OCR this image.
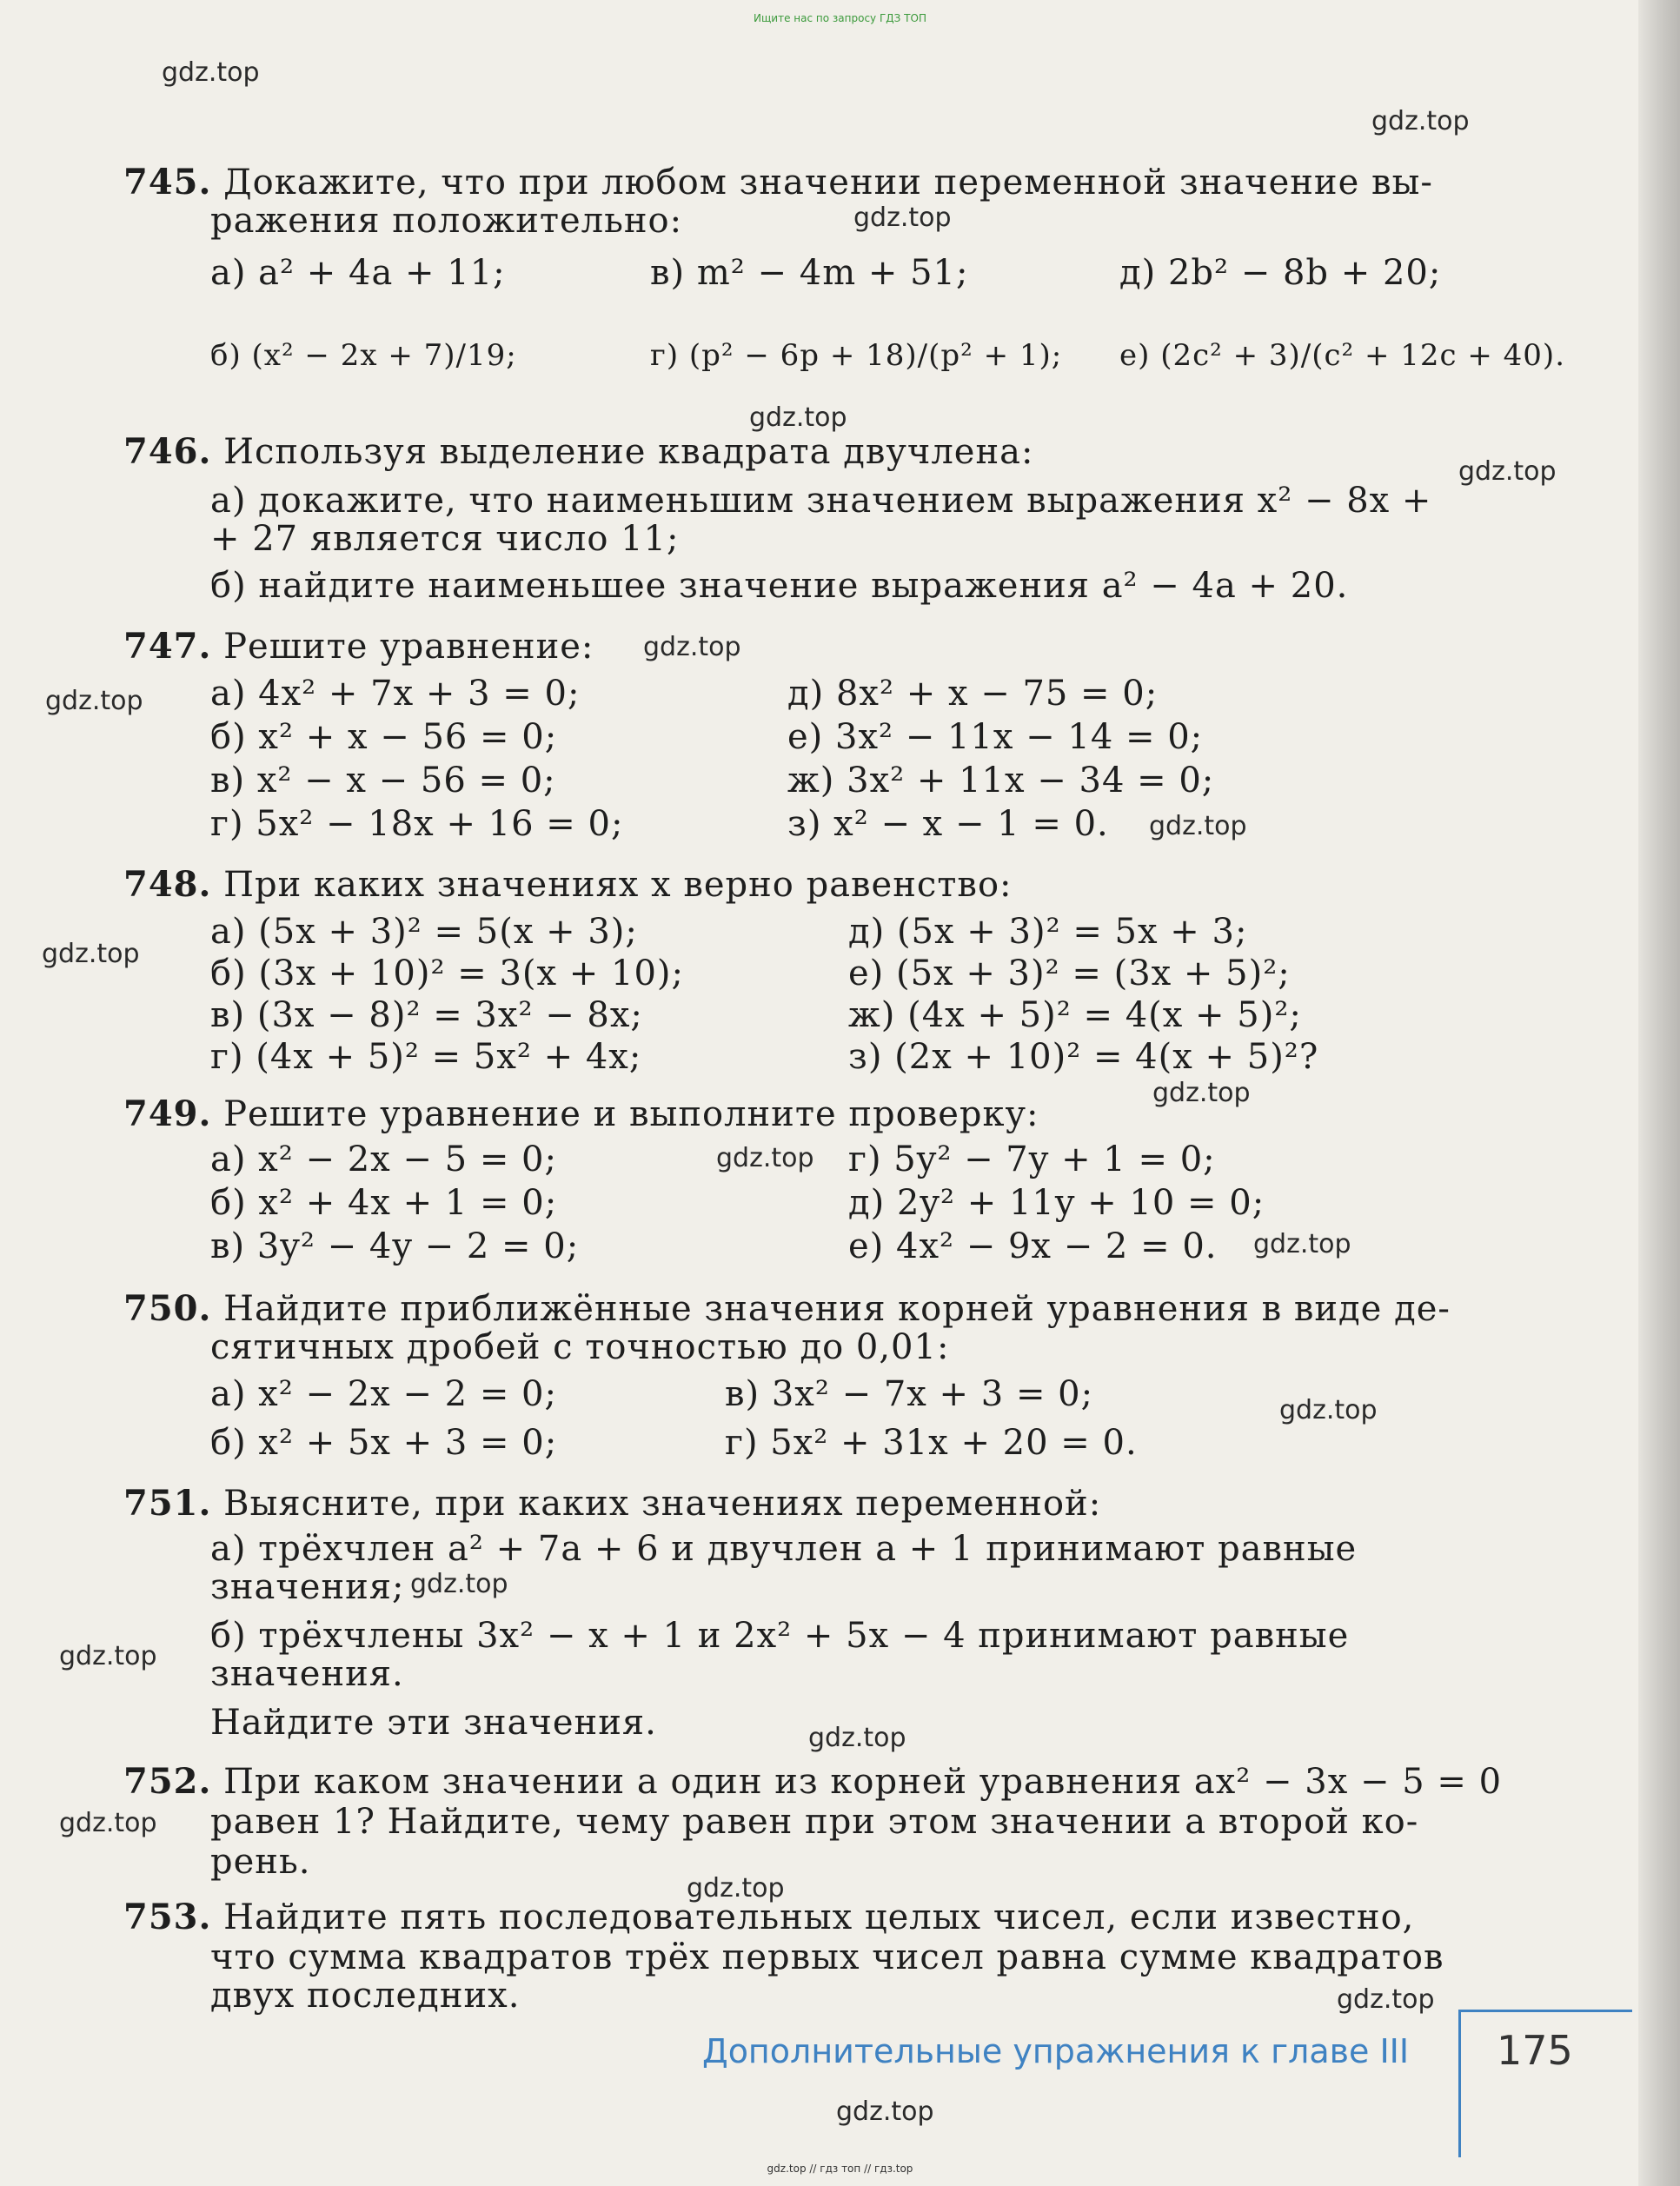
Ищите нас по запросу ГДЗ ТОП
gdz.top
gdz.top
gdz.top
gdz.top
gdz.top
gdz.top
gdz.top
gdz.top
gdz.top
gdz.top
gdz.top
gdz.top
gdz.top
gdz.top
gdz.top
gdz.top
gdz.top
gdz.top
gdz.top
gdz.top
745. Докажите, что при любом значении переменной значение вы-
ражения положительно:
а) a² + 4a + 11;	в) m² − 4m + 51;	д) 2b² − 8b + 20;
б) (x² − 2x + 7)/19;	г) (p² − 6p + 18)/(p² + 1); е) (2c² + 3)/(c² + 12c + 40).
746. Используя выделение квадрата двучлена:
а) докажите, что наименьшим значением выражения x² − 8x +
+ 27 является число 11;
б) найдите наименьшее значение выражения a² − 4a + 20.
747. Решите уравнение:
а) 4x² + 7x + 3 = 0;	д) 8x² + x − 75 = 0;
б) x² + x − 56 = 0;	е) 3x² − 11x − 14 = 0;
в) x² − x − 56 = 0;	ж) 3x² + 11x − 34 = 0;
г) 5x² − 18x + 16 = 0;	з) x² − x − 1 = 0.
748. При каких значениях x верно равенство:
а) (5x + 3)² = 5(x + 3);	д) (5x + 3)² = 5x + 3;
б) (3x + 10)² = 3(x + 10);	е) (5x + 3)² = (3x + 5)²;
в) (3x − 8)² = 3x² − 8x;	ж) (4x + 5)² = 4(x + 5)²;
г) (4x + 5)² = 5x² + 4x;	з) (2x + 10)² = 4(x + 5)²?
749. Решите уравнение и выполните проверку:
а) x² − 2x − 5 = 0;	г) 5y² − 7y + 1 = 0;
б) x² + 4x + 1 = 0;	д) 2y² + 11y + 10 = 0;
в) 3y² − 4y − 2 = 0;	е) 4x² − 9x − 2 = 0.
750. Найдите приближённые значения корней уравнения в виде де-
сятичных дробей с точностью до 0,01:
а) x² − 2x − 2 = 0;	в) 3x² − 7x + 3 = 0;
б) x² + 5x + 3 = 0;	г) 5x² + 31x + 20 = 0.
751. Выясните, при каких значениях переменной:
а) трёхчлен a² + 7a + 6 и двучлен a + 1 принимают равные
значения;
б) трёхчлены 3x² − x + 1 и 2x² + 5x − 4 принимают равные
значения.
Найдите эти значения.
752. При каком значении a один из корней уравнения ax² − 3x − 5 = 0
равен 1? Найдите, чему равен при этом значении a второй ко-
рень.
753. Найдите пять последовательных целых чисел, если известно,
что сумма квадратов трёх первых чисел равна сумме квадратов
двух последних.
Дополнительные упражнения к главе III 175
gdz.top // гдз топ // гдз.top
